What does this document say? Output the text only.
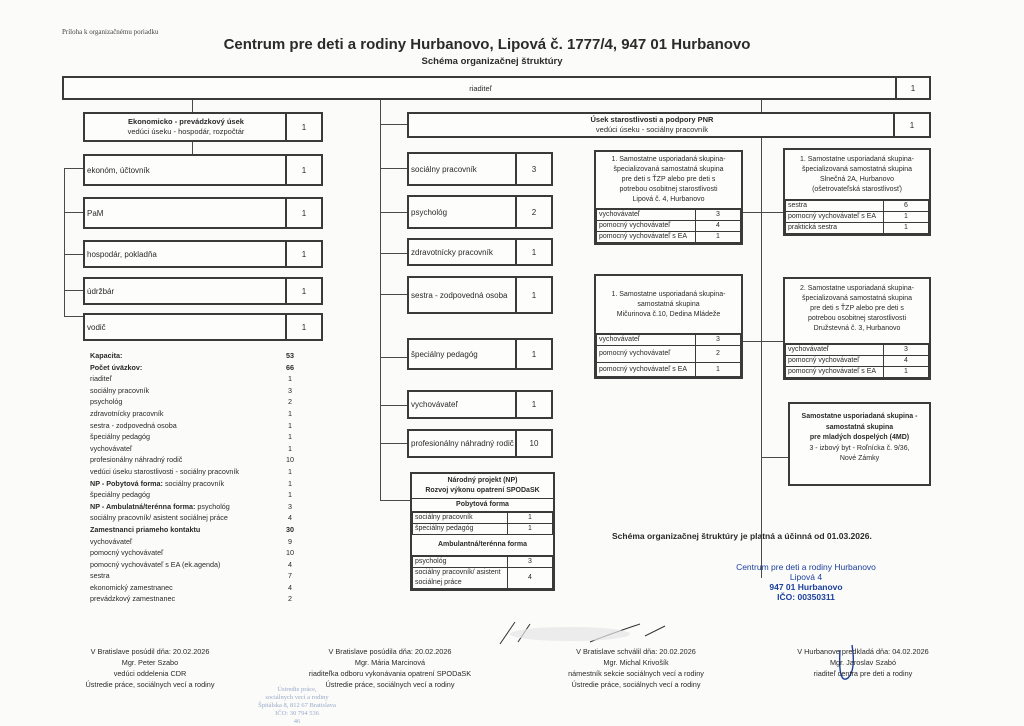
Príloha k organizačnému poriadku
Centrum pre deti a rodiny Hurbanovo, Lipová č. 1777/4, 947 01 Hurbanovo
Schéma organizačnej štruktúry
riaditeľ	1
Ekonomicko - prevádzkový úsek
vedúci úseku - hospodár, rozpočtár	1
ekonóm, účtovník	1
PaM	1
hospodár, pokladňa	1
údržbár	1
vodič	1
Kapacita:	53
Počet úväzkov:	66
riaditeľ	1
sociálny pracovník	3
psychológ	2
zdravotnícky pracovník	1
sestra - zodpovedná osoba	1
špeciálny pedagóg	1
vychovávateľ	1
profesionálny náhradný rodič	10
vedúci úseku starostlivosti - sociálny pracovník	1
NP - Pobytová forma: sociálny pracovník	1
špeciálny pedagóg	1
NP - Ambulatná/terénna forma: psychológ	3
sociálny pracovník/ asistent sociálnej práce	4
Zamestnanci priameho kontaktu	30
vychovávateľ	9
pomocný vychovávateľ	10
pomocný vychovávateľ s EA (ek.agenda)	4
sestra	7
ekonomický zamestnanec	4
prevádzkový zamestnanec	2
Úsek starostlivosti a podpory PNR
vedúci úseku - sociálny pracovník	1
sociálny pracovník	3
psychológ	2
zdravotnícky pracovník	1
sestra - zodpovedná osoba	1
špeciálny pedagóg	1
vychovávateľ	1
profesionálny náhradný rodič	10
Národný projekt (NP)
Rozvoj výkonu opatrení SPODaSK
Pobytová forma
sociálny pracovník	1
špeciálny pedagóg	1
Ambulantná/terénna forma
psychológ	3
sociálny pracovník/ asistent sociálnej práce	4
1. Samostatne usporiadaná skupina-
špecializovaná samostatná skupina
pre deti s ŤZP alebo pre deti s
potrebou osobitnej starostlivosti
Lipová č. 4, Hurbanovo
vychovávateľ	3
pomocný vychovávateľ	4
pomocný vychovávateľ s EA	1
1. Samostatne usporiadaná skupina-
samostatná skupina
Mičurinova č.10, Dedina Mládeže
vychovávateľ	3
pomocný vychovávateľ	2
pomocný vychovávateľ s EA	1
1. Samostatne usporiadaná skupina-
špecializovaná samostatná skupina
Slnečná 2A, Hurbanovo
(ošetrovateľská starostlivosť)
sestra	6
pomocný vychovávateľ s EA	1
praktická sestra	1
2. Samostatne usporiadaná skupina-
špecializovaná samostatná skupina
pre deti s ŤZP alebo pre deti s
potrebou osobitnej starostlivosti
Družstevná č. 3, Hurbanovo
vychovávateľ	3
pomocný vychovávateľ	4
pomocný vychovávateľ s EA	1
Samostatne usporiadaná skupina -
samostatná skupina
pre mladých dospelých (4MD)
3 - izbový byt - Roľnícka č. 9/36,
Nové Zámky
Schéma organizačnej štruktúry je platná a účinná od 01.03.2026.
Centrum pre deti a rodiny Hurbanovo
Lipová 4
947 01 Hurbanovo
IČO: 00350311
V Bratislave posúdil dňa: 20.02.2026
Mgr. Peter Szabo
vedúci oddelenia CDR
Ústredie práce, sociálnych vecí a rodiny
Ústredie práce,
sociálnych vecí a rodiny
Špitálska 8, 812 67 Bratislava
IČO: 30 794 536
46
V Bratislave posúdila dňa: 20.02.2026
Mgr. Mária Marcinová
riaditeľka odboru vykonávania opatrení SPODaSK
Ústredie práce, sociálnych vecí a rodiny
V Bratislave schválil dňa: 20.02.2026
Mgr. Michal Krivošík
námestník sekcie sociálnych vecí a rodiny
Ústredie práce, sociálnych vecí a rodiny
V Hurbanove predkladá dňa: 04.02.2026
Mgr. Jaroslav Szabó
riaditeľ centra pre deti a rodiny
